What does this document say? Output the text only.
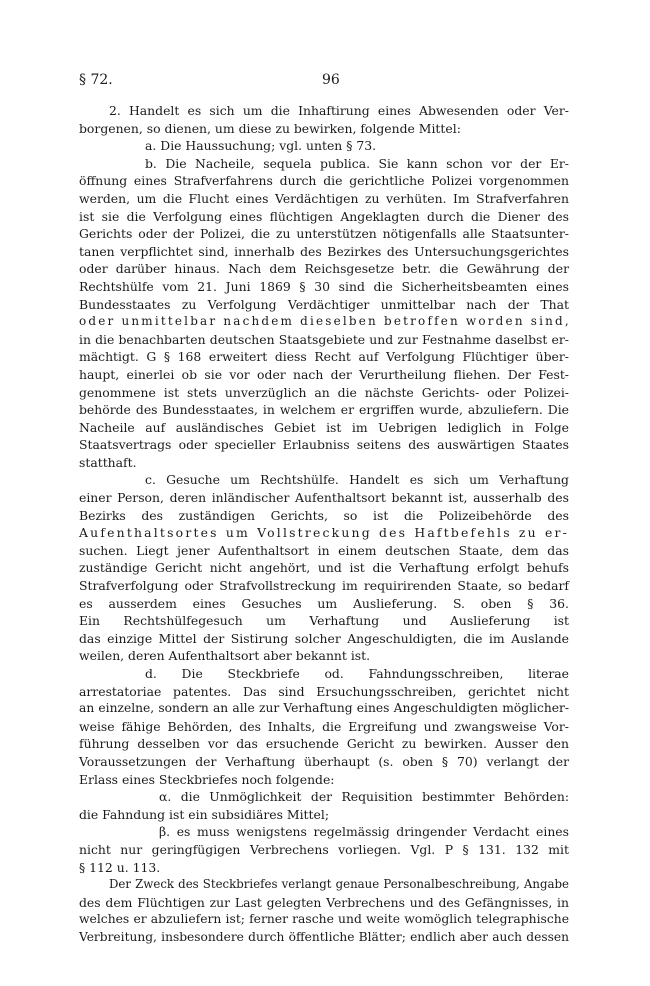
§ 72.	96
2. Handelt es sich um die Inhaftirung eines Abwesenden oder Ver-
borgenen, so dienen, um diese zu bewirken, folgende Mittel:
a. Die Haussuchung; vgl. unten § 73.
b. Die Nacheile, sequela publica. Sie kann schon vor der Er-
öffnung eines Strafverfahrens durch die gerichtliche Polizei vorgenommen
werden, um die Flucht eines Verdächtigen zu verhüten. Im Strafverfahren
ist sie die Verfolgung eines flüchtigen Angeklagten durch die Diener des
Gerichts oder der Polizei, die zu unterstützen nötigenfalls alle Staatsunter-
tanen verpflichtet sind, innerhalb des Bezirkes des Untersuchungsgerichtes
oder darüber hinaus. Nach dem Reichsgesetze betr. die Gewährung der
Rechtshülfe vom 21. Juni 1869 § 30 sind die Sicherheitsbeamten eines
Bundesstaates zu Verfolgung Verdächtiger unmittelbar nach der That
oder unmittelbar nachdem dieselben betroffen worden sind,
in die benachbarten deutschen Staatsgebiete und zur Festnahme daselbst er-
mächtigt. G § 168 erweitert diess Recht auf Verfolgung Flüchtiger über-
haupt, einerlei ob sie vor oder nach der Verurtheilung fliehen. Der Fest-
genommene ist stets unverzüglich an die nächste Gerichts- oder Polizei-
behörde des Bundesstaates, in welchem er ergriffen wurde, abzuliefern. Die
Nacheile auf ausländisches Gebiet ist im Uebrigen lediglich in Folge
Staatsvertrags oder specieller Erlaubniss seitens des auswärtigen Staates
statthaft.
c. Gesuche um Rechtshülfe. Handelt es sich um Verhaftung
einer Person, deren inländischer Aufenthaltsort bekannt ist, ausserhalb des
Bezirks des zuständigen Gerichts, so ist die Polizeibehörde des
Aufenthaltsortes um Vollstreckung des Haftbefehls zu er-
suchen. Liegt jener Aufenthaltsort in einem deutschen Staate, dem das
zuständige Gericht nicht angehört, und ist die Verhaftung erfolgt behufs
Strafverfolgung oder Strafvollstreckung im requirirenden Staate, so bedarf
es ausserdem eines Gesuches um Auslieferung. S. oben § 36.
Ein Rechtshülfegesuch um Verhaftung und Auslieferung ist
das einzige Mittel der Sistirung solcher Angeschuldigten, die im Auslande
weilen, deren Aufenthaltsort aber bekannt ist.
d. Die Steckbriefe od. Fahndungsschreiben, literae
arrestatoriae patentes. Das sind Ersuchungsschreiben, gerichtet nicht
an einzelne, sondern an alle zur Verhaftung eines Angeschuldigten möglicher-
weise fähige Behörden, des Inhalts, die Ergreifung und zwangsweise Vor-
führung desselben vor das ersuchende Gericht zu bewirken. Ausser den
Voraussetzungen der Verhaftung überhaupt (s. oben § 70) verlangt der
Erlass eines Steckbriefes noch folgende:
α. die Unmöglichkeit der Requisition bestimmter Behörden:
die Fahndung ist ein subsidiäres Mittel;
β. es muss wenigstens regelmässig dringender Verdacht eines
nicht nur geringfügigen Verbrechens vorliegen. Vgl. P § 131. 132 mit
§ 112 u. 113.
Der Zweck des Steckbriefes verlangt genaue Personalbeschreibung, Angabe
des dem Flüchtigen zur Last gelegten Verbrechens und des Gefängnisses, in
welches er abzuliefern ist; ferner rasche und weite womöglich telegraphische
Verbreitung, insbesondere durch öffentliche Blätter; endlich aber auch dessen
